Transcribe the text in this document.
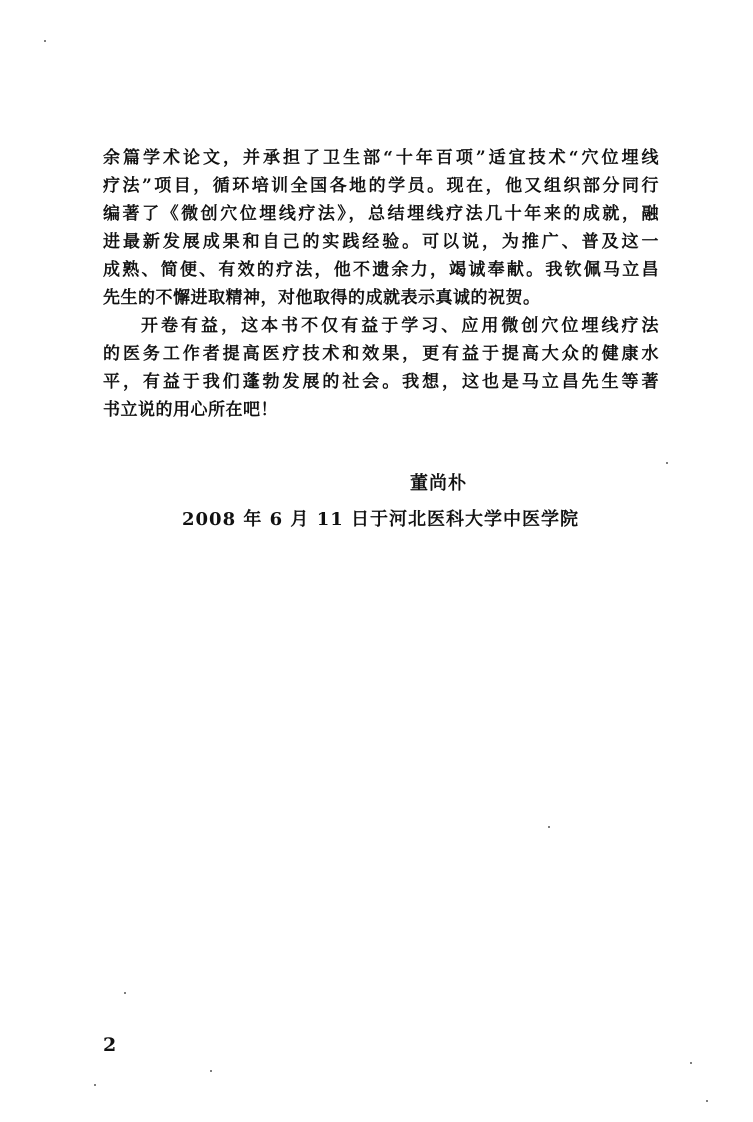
余篇学术论文，并承担了卫生部“十年百项”适宜技术“穴位埋线
疗法”项目，循环培训全国各地的学员。现在，他又组织部分同行
编著了《微创穴位埋线疗法》，总结埋线疗法几十年来的成就，融
进最新发展成果和自己的实践经验。可以说，为推广、普及这一
成熟、简便、有效的疗法，他不遗余力，竭诚奉献。我钦佩马立昌
先生的不懈进取精神，对他取得的成就表示真诚的祝贺。
开卷有益，这本书不仅有益于学习、应用微创穴位埋线疗法
的医务工作者提高医疗技术和效果，更有益于提高大众的健康水
平，有益于我们蓬勃发展的社会。我想，这也是马立昌先生等著
书立说的用心所在吧！
董尚朴
2008 年 6 月 11 日于河北医科大学中医学院
2
